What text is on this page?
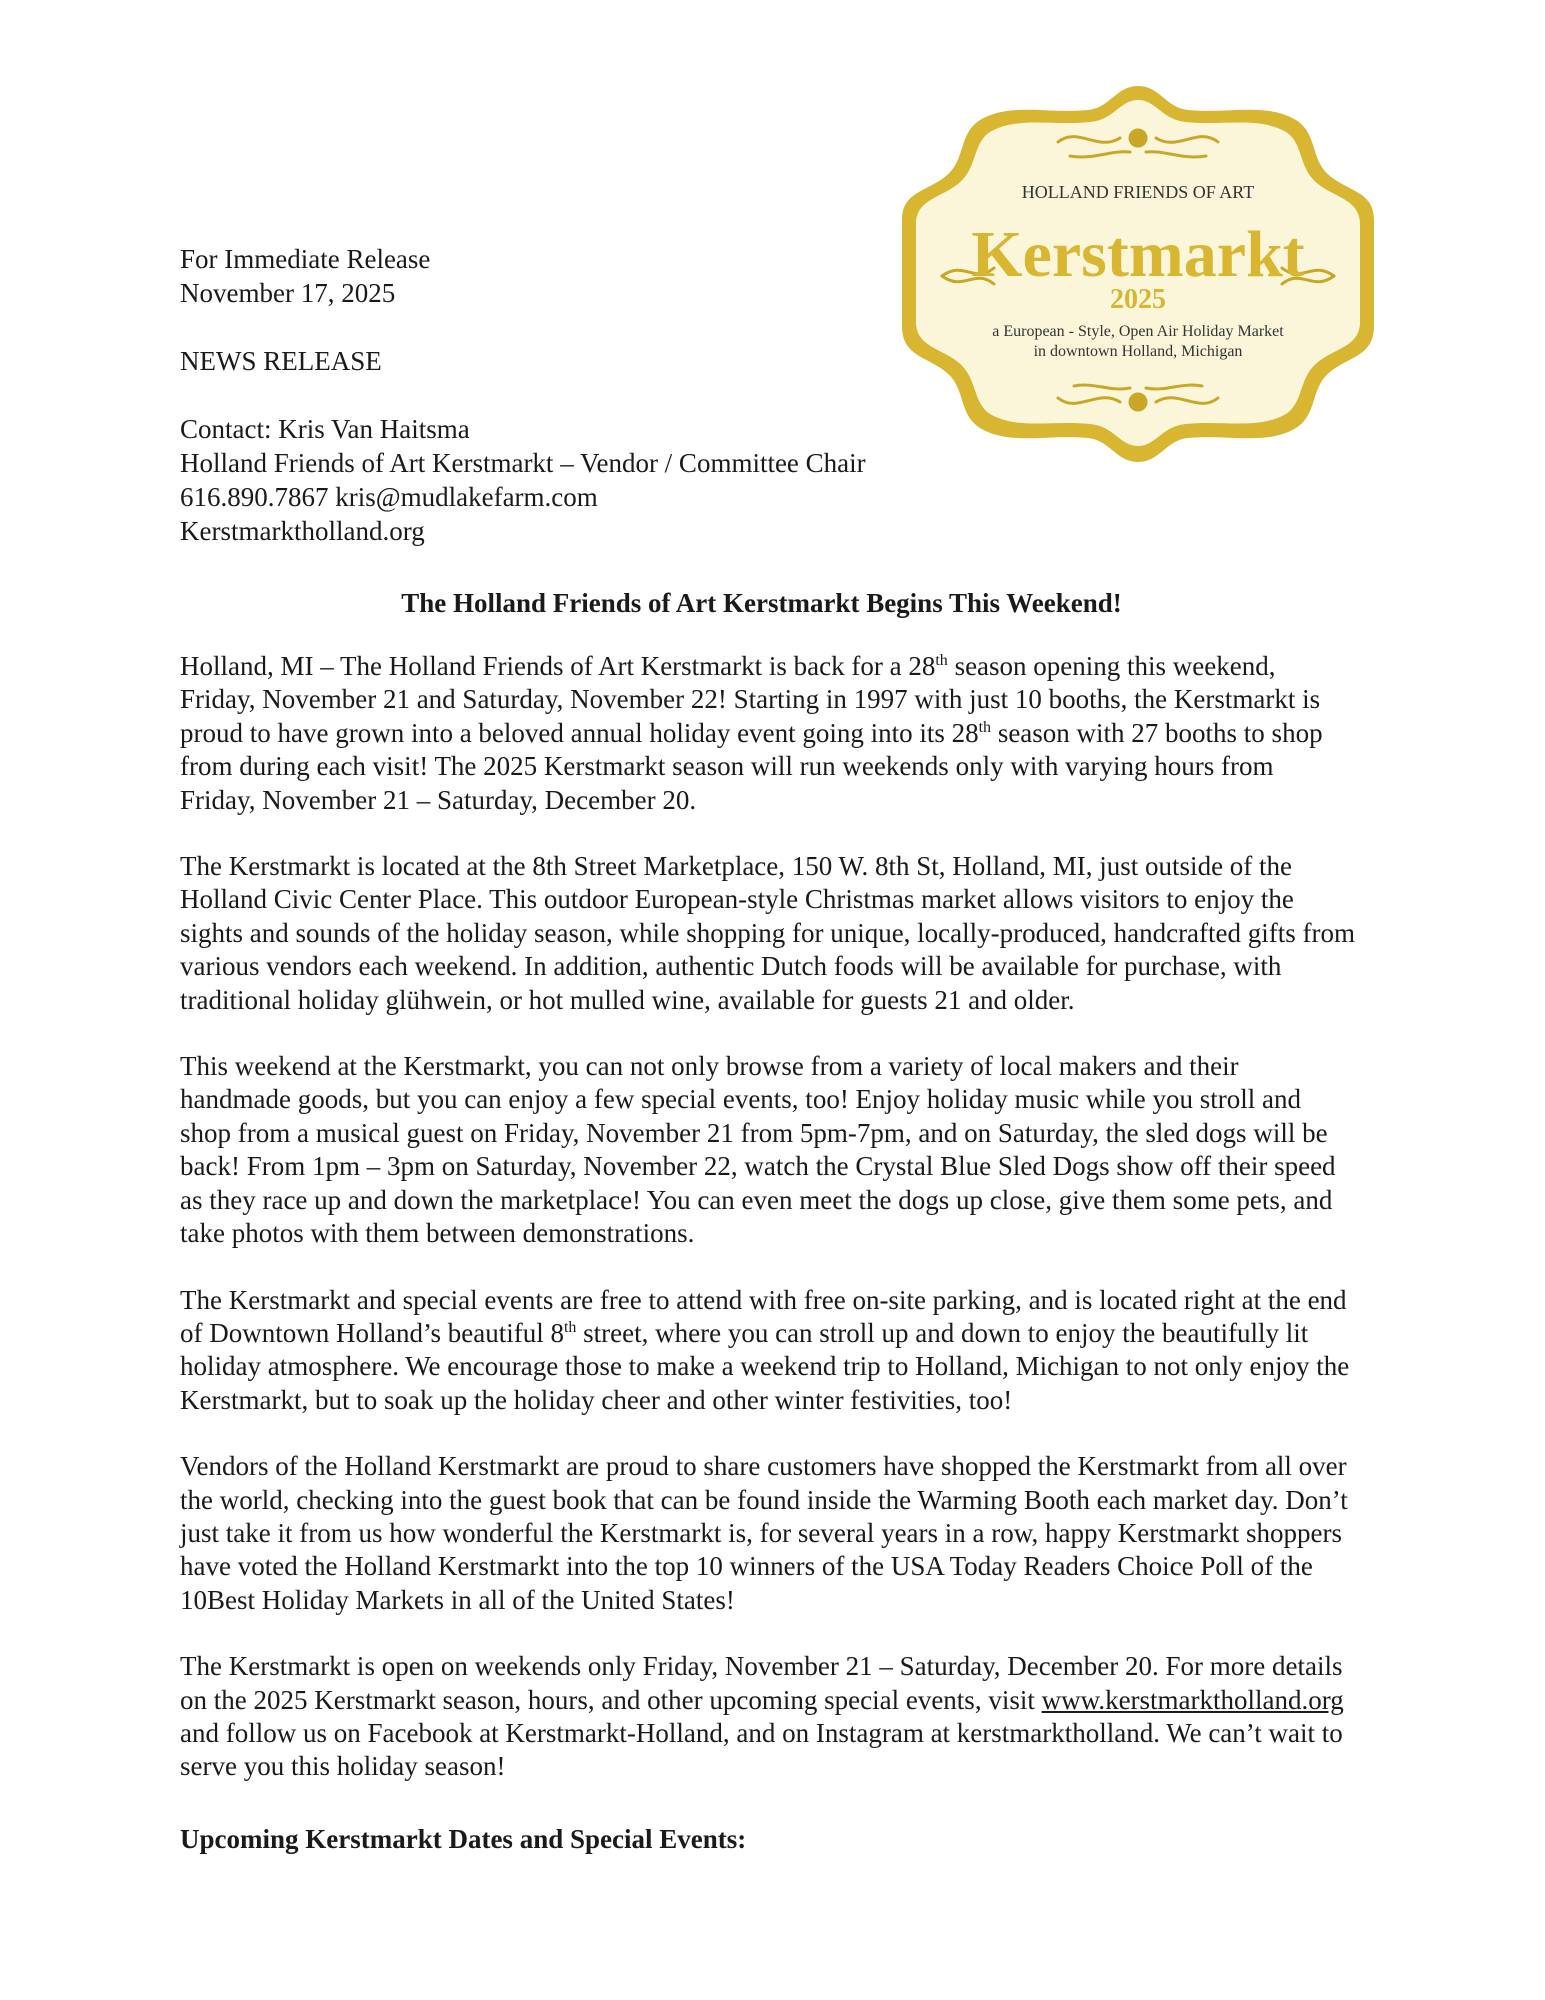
HOLLAND FRIENDS OF ART
Kerstmarkt
2025
a European - Style, Open Air Holiday Market
in downtown Holland, Michigan

For Immediate Release

November 17, 2025

NEWS RELEASE

Contact: Kris Van Haitsma

Holland Friends of Art Kerstmarkt – Vendor / Committee Chair

616.890.7867 kris@mudlakefarm.com

Kerstmarktholland.org

The Holland Friends of Art Kerstmarkt Begins This Weekend!

Holland, MI – The Holland Friends of Art Kerstmarkt is back for a 28th season opening this weekend, Friday, November 21 and Saturday, November 22! Starting in 1997 with just 10 booths, the Kerstmarkt is proud to have grown into a beloved annual holiday event going into its 28th season with 27 booths to shop from during each visit! The 2025 Kerstmarkt season will run weekends only with varying hours from Friday, November 21 – Saturday, December 20.

The Kerstmarkt is located at the 8th Street Marketplace, 150 W. 8th St, Holland, MI, just outside of the Holland Civic Center Place. This outdoor European-style Christmas market allows visitors to enjoy the sights and sounds of the holiday season, while shopping for unique, locally-produced, handcrafted gifts from various vendors each weekend. In addition, authentic Dutch foods will be available for purchase, with traditional holiday glühwein, or hot mulled wine, available for guests 21 and older.

This weekend at the Kerstmarkt, you can not only browse from a variety of local makers and their handmade goods, but you can enjoy a few special events, too! Enjoy holiday music while you stroll and shop from a musical guest on Friday, November 21 from 5pm-7pm, and on Saturday, the sled dogs will be back! From 1pm – 3pm on Saturday, November 22, watch the Crystal Blue Sled Dogs show off their speed as they race up and down the marketplace! You can even meet the dogs up close, give them some pets, and take photos with them between demonstrations.

The Kerstmarkt and special events are free to attend with free on-site parking, and is located right at the end of Downtown Holland’s beautiful 8th street, where you can stroll up and down to enjoy the beautifully lit holiday atmosphere. We encourage those to make a weekend trip to Holland, Michigan to not only enjoy the Kerstmarkt, but to soak up the holiday cheer and other winter festivities, too!

Vendors of the Holland Kerstmarkt are proud to share customers have shopped the Kerstmarkt from all over the world, checking into the guest book that can be found inside the Warming Booth each market day. Don’t just take it from us how wonderful the Kerstmarkt is, for several years in a row, happy Kerstmarkt shoppers have voted the Holland Kerstmarkt into the top 10 winners of the USA Today Readers Choice Poll of the 10Best Holiday Markets in all of the United States!

The Kerstmarkt is open on weekends only Friday, November 21 – Saturday, December 20. For more details on the 2025 Kerstmarkt season, hours, and other upcoming special events, visit www.kerstmarktholland.org and follow us on Facebook at Kerstmarkt-Holland, and on Instagram at kerstmarktholland. We can’t wait to serve you this holiday season!

Upcoming Kerstmarkt Dates and Special Events:
